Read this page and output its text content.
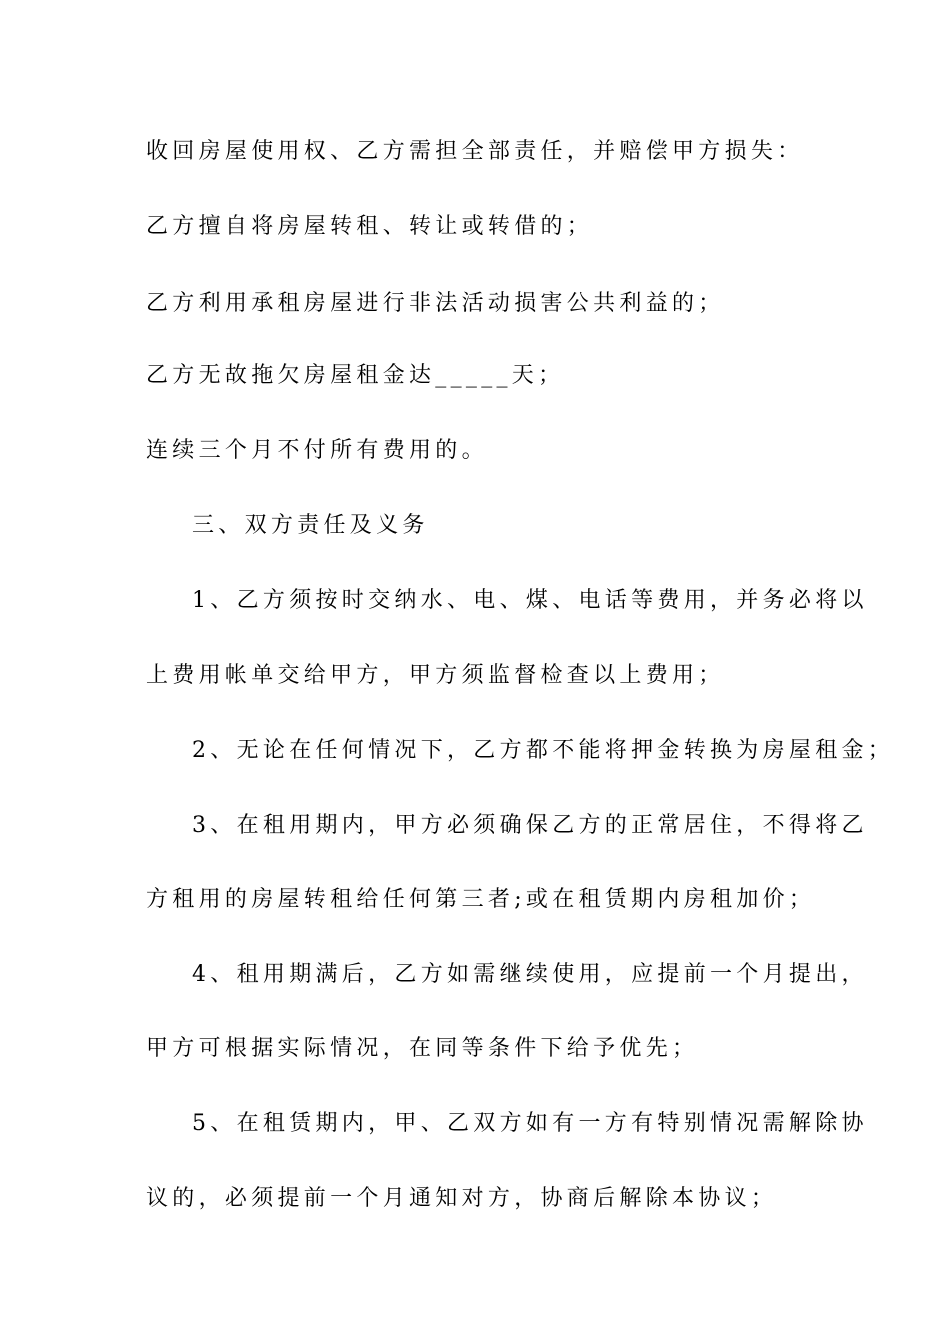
收回房屋使用权、乙方需担全部责任，并赔偿甲方损失：
乙方擅自将房屋转租、转让或转借的；
乙方利用承租房屋进行非法活动损害公共利益的；
乙方无故拖欠房屋租金达_____天；
连续三个月不付所有费用的。
三、双方责任及义务
1、乙方须按时交纳水、电、煤、电话等费用，并务必将以
上费用帐单交给甲方，甲方须监督检查以上费用；
2、无论在任何情况下，乙方都不能将押金转换为房屋租金；
3、在租用期内，甲方必须确保乙方的正常居住，不得将乙
方租用的房屋转租给任何第三者;或在租赁期内房租加价；
4、租用期满后，乙方如需继续使用，应提前一个月提出，
甲方可根据实际情况，在同等条件下给予优先；
5、在租赁期内，甲、乙双方如有一方有特别情况需解除协
议的，必须提前一个月通知对方，协商后解除本协议；
